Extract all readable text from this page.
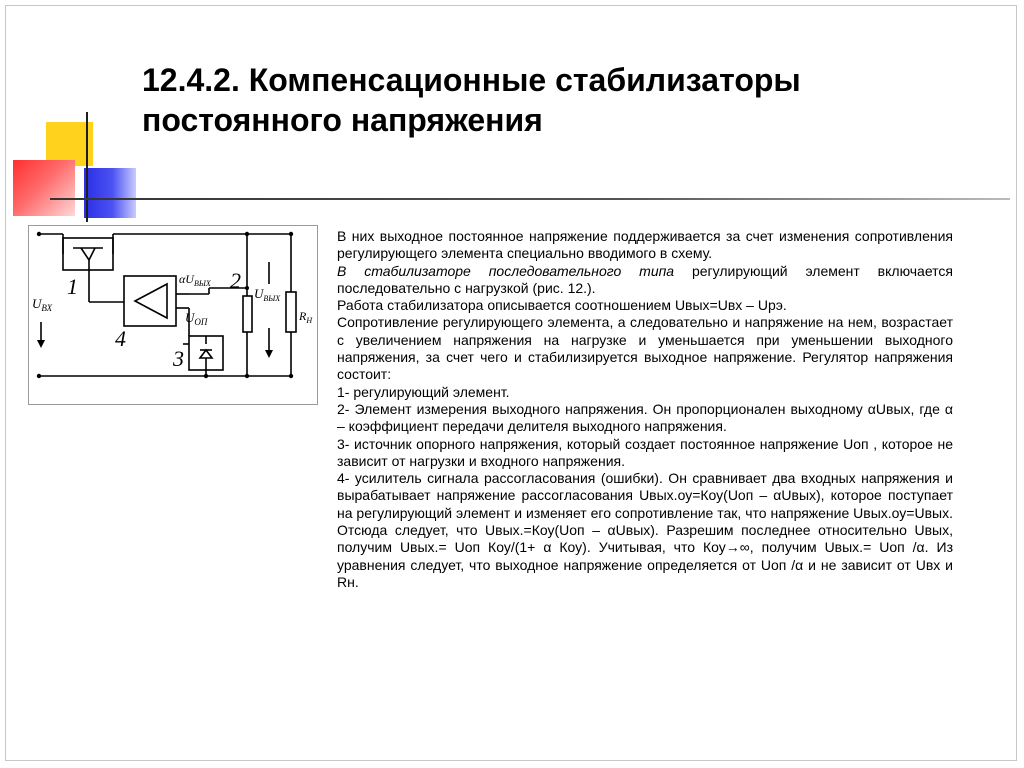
12.4.2. Компенсационные стабилизаторы
постоянного напряжения
1	2
3
4
$U_{ВХ}$
$\alpha U_{ВЫХ}$
$U_{ВЫХ}$
$U_{ОП}$	$R_Н$

В них выходное постоянное напряжение поддерживается за счет изменения сопротивления регулирующего элемента специально вводимого в схему.

В стабилизаторе последовательного типа регулирующий элемент включается последовательно с нагрузкой (рис. 12.).

Работа стабилизатора описывается соотношением Uвых=Uвх – Uрэ.

Сопротивление регулирующего элемента, а следовательно и напряжение на нем, возрастает с увеличением напряжения на нагрузке и уменьшается при уменьшении выходного напряжения, за счет чего и стабилизируется выходное напряжение. Регулятор напряжения состоит:

1- регулирующий элемент.

2- Элемент измерения выходного напряжения. Он пропорционален выходному αUвых, где α – коэффициент передачи делителя выходного напряжения.

3- источник опорного напряжения, который создает постоянное напряжение Uоп , которое не зависит от нагрузки и входного напряжения.

4- усилитель сигнала рассогласования (ошибки). Он сравнивает два входных напряжения и вырабатывает напряжение рассогласования Uвых.оу=Коу(Uоп – αUвых), которое поступает на регулирующий элемент и изменяет его сопротивление так, что напряжение Uвых.оу=Uвых. Отсюда следует, что Uвых.=Коу(Uоп – αUвых). Разрешим последнее относительно Uвых, получим Uвых.= Uоп Коу/(1+ α Коу). Учитывая, что Коу→∞, получим Uвых.= Uоп /α. Из уравнения следует, что выходное напряжение определяется от Uоп /α и не зависит от Uвх и Rн.
